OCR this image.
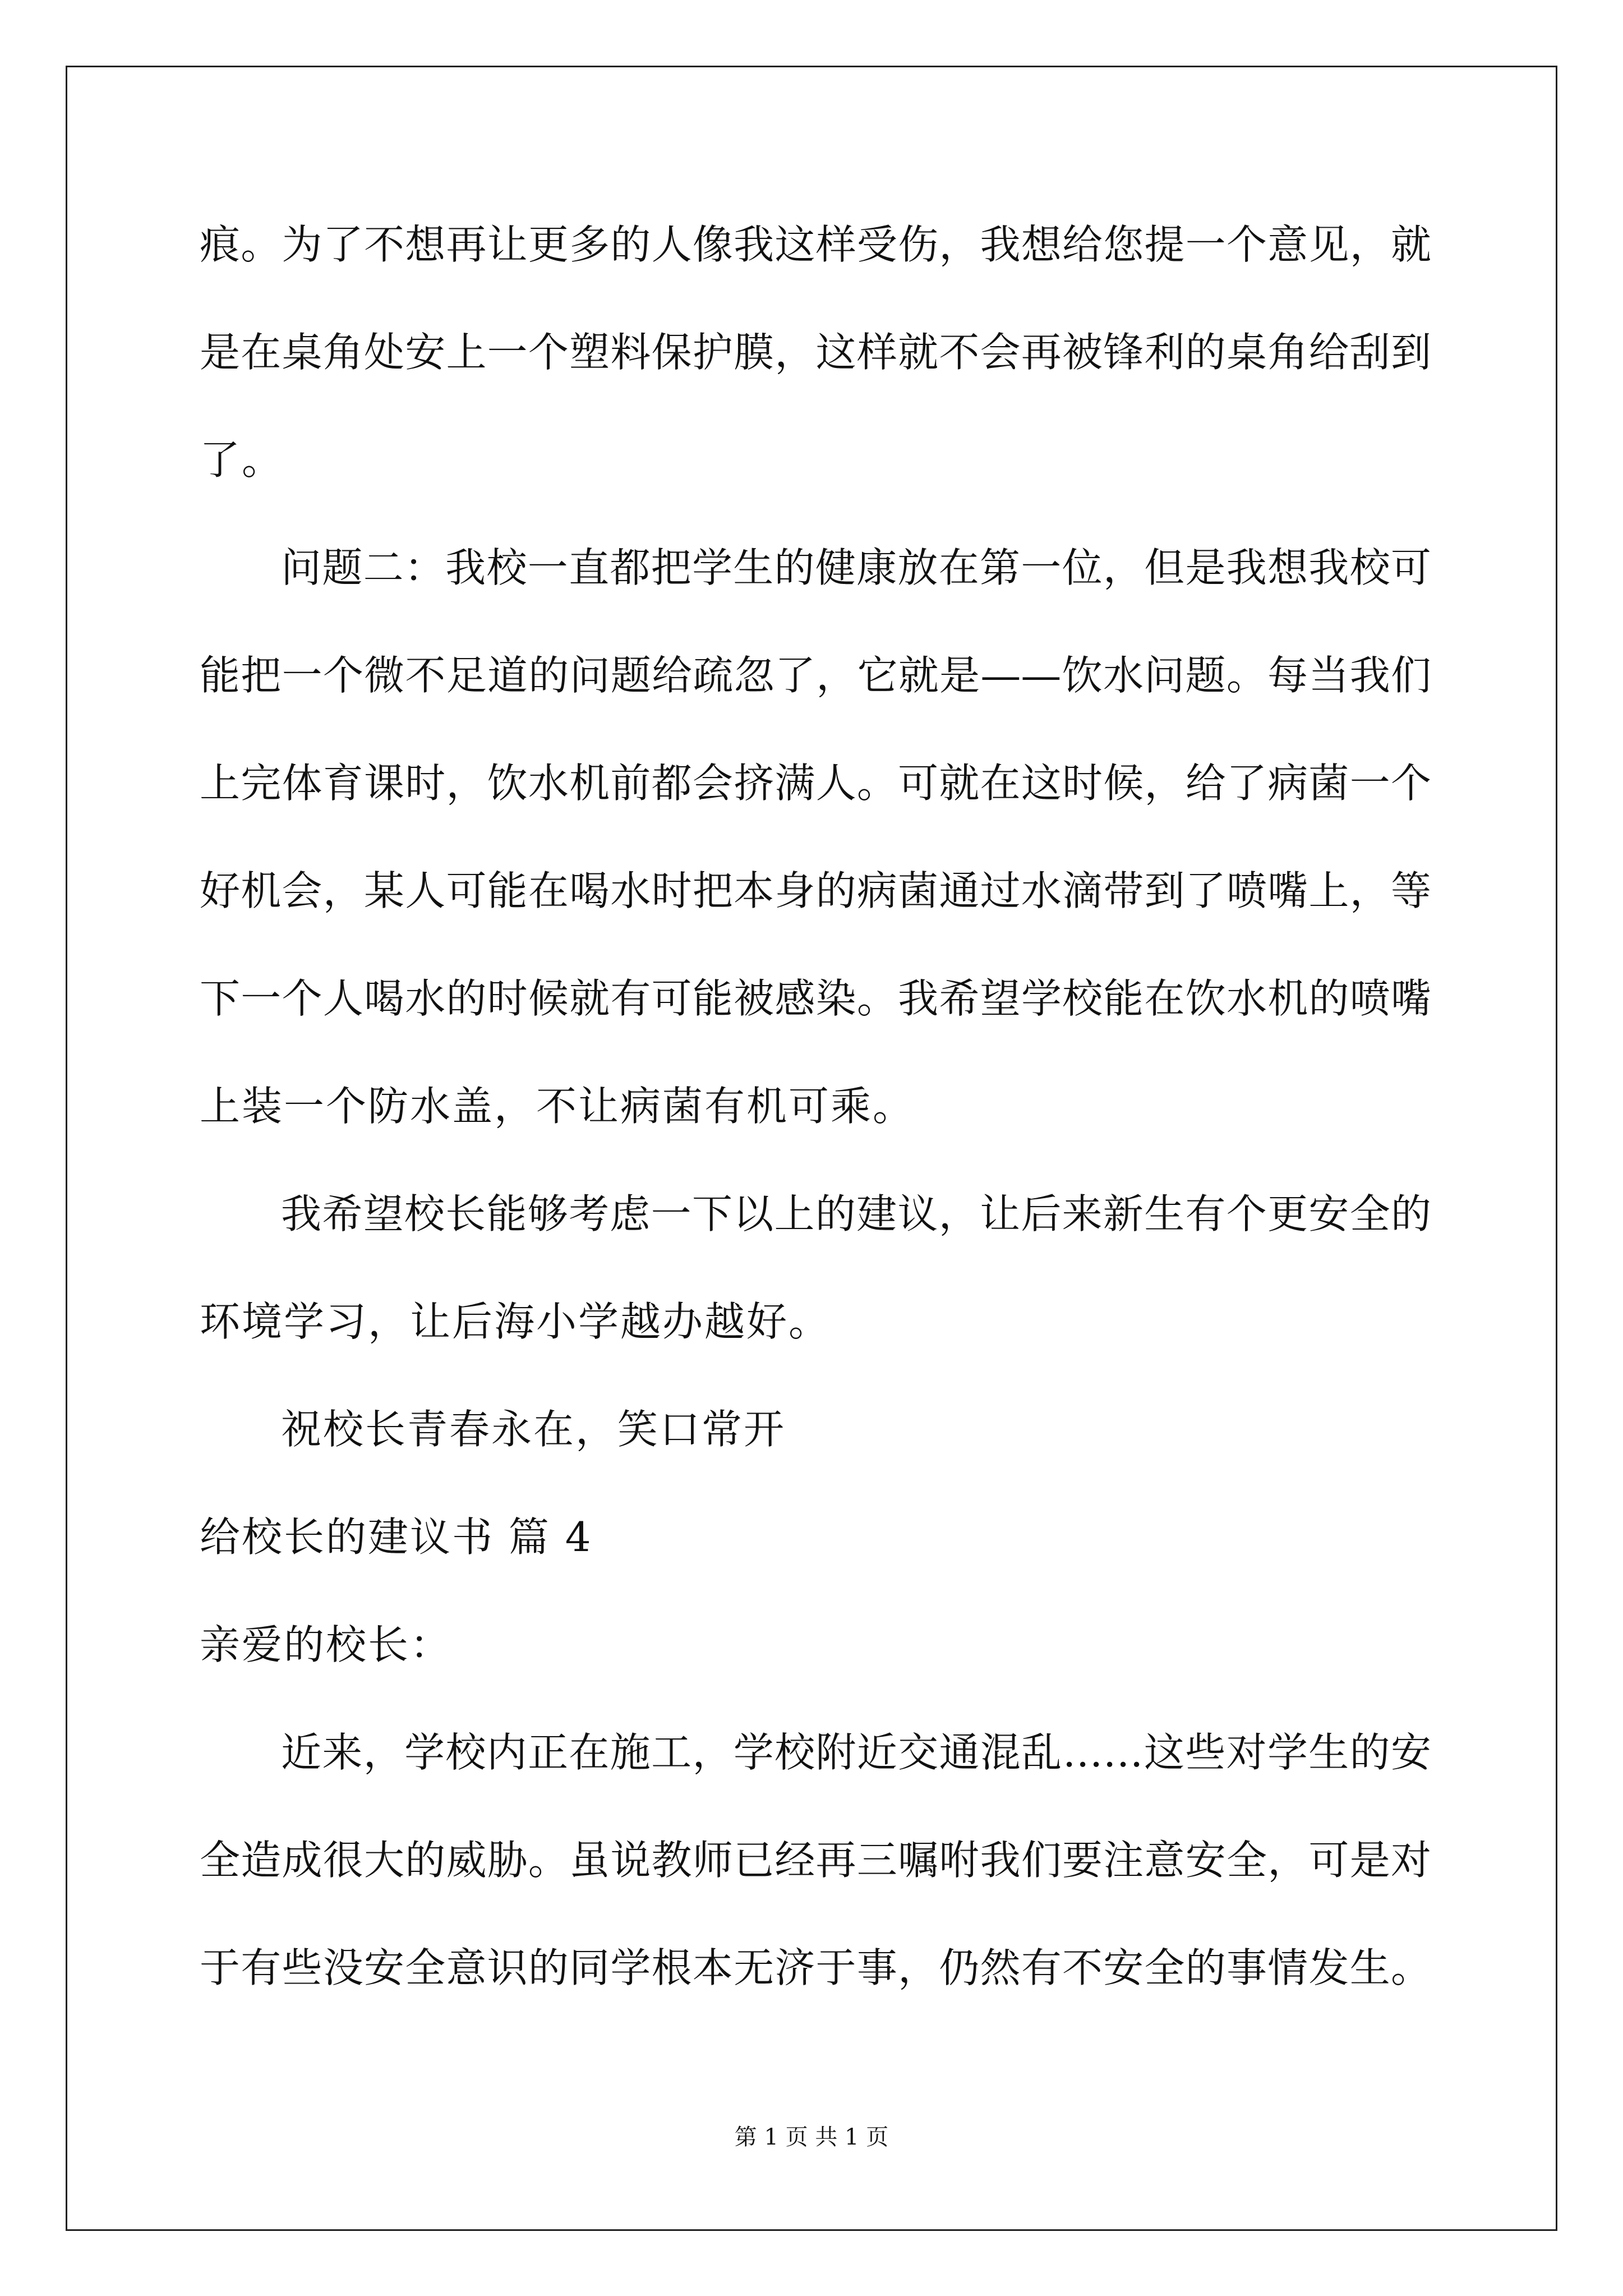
痕。为了不想再让更多的人像我这样受伤，我想给您提一个意见，就
是在桌角处安上一个塑料保护膜，这样就不会再被锋利的桌角给刮到
了。
问题二：我校一直都把学生的健康放在第一位，但是我想我校可
能把一个微不足道的问题给疏忽了，它就是——饮水问题。每当我们
上完体育课时，饮水机前都会挤满人。可就在这时候，给了病菌一个
好机会，某人可能在喝水时把本身的病菌通过水滴带到了喷嘴上，等
下一个人喝水的时候就有可能被感染。我希望学校能在饮水机的喷嘴
上装一个防水盖，不让病菌有机可乘。
我希望校长能够考虑一下以上的建议，让后来新生有个更安全的
环境学习，让后海小学越办越好。
祝校长青春永在，笑口常开
给校长的建议书 篇 4
亲爱的校长：
近来，学校内正在施工，学校附近交通混乱……这些对学生的安
全造成很大的威胁。虽说教师已经再三嘱咐我们要注意安全，可是对
于有些没安全意识的同学根本无济于事，仍然有不安全的事情发生。
第 1 页 共 1 页
